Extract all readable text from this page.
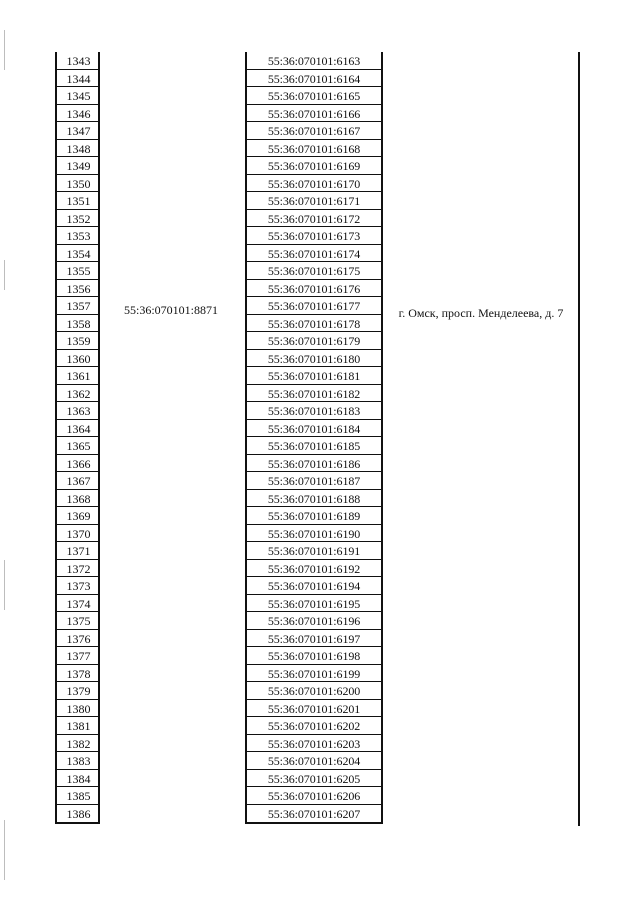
1343
1344
1345
1346
1347
1348
1349
1350
1351
1352
1353
1354
1355
1356
1357
1358
1359
1360
1361
1362
1363
1364
1365
1366
1367
1368
1369
1370
1371
1372
1373
1374
1375
1376
1377
1378
1379
1380
1381
1382
1383
1384
1385
1386
55:36:070101:8871
55:36:070101:6163
55:36:070101:6164
55:36:070101:6165
55:36:070101:6166
55:36:070101:6167
55:36:070101:6168
55:36:070101:6169
55:36:070101:6170
55:36:070101:6171
55:36:070101:6172
55:36:070101:6173
55:36:070101:6174
55:36:070101:6175
55:36:070101:6176
55:36:070101:6177
55:36:070101:6178
55:36:070101:6179
55:36:070101:6180
55:36:070101:6181
55:36:070101:6182
55:36:070101:6183
55:36:070101:6184
55:36:070101:6185
55:36:070101:6186
55:36:070101:6187
55:36:070101:6188
55:36:070101:6189
55:36:070101:6190
55:36:070101:6191
55:36:070101:6192
55:36:070101:6194
55:36:070101:6195
55:36:070101:6196
55:36:070101:6197
55:36:070101:6198
55:36:070101:6199
55:36:070101:6200
55:36:070101:6201
55:36:070101:6202
55:36:070101:6203
55:36:070101:6204
55:36:070101:6205
55:36:070101:6206
55:36:070101:6207
г. Омск, просп. Менделеева, д. 7
